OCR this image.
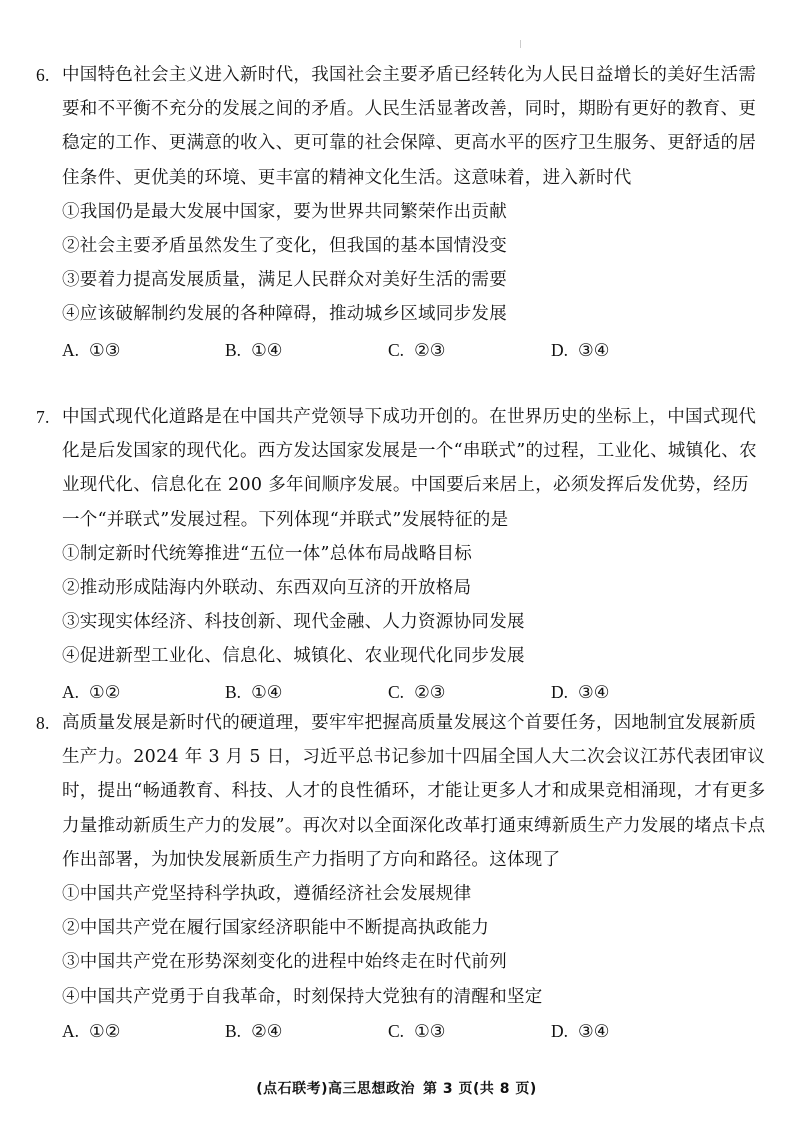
6. 中国特色社会主义进入新时代，我国社会主要矛盾已经转化为人民日益增长的美好生活需要和不平衡不充分的发展之间的矛盾。人民生活显著改善，同时，期盼有更好的教育、更稳定的工作、更满意的收入、更可靠的社会保障、更高水平的医疗卫生服务、更舒适的居住条件、更优美的环境、更丰富的精神文化生活。这意味着，进入新时代
①我国仍是最大发展中国家，要为世界共同繁荣作出贡献
②社会主要矛盾虽然发生了变化，但我国的基本国情没变
③要着力提高发展质量，满足人民群众对美好生活的需要
④应该破解制约发展的各种障碍，推动城乡区域同步发展
A. ①③	B. ①④	C. ②③	D. ③④
7. 中国式现代化道路是在中国共产党领导下成功开创的。在世界历史的坐标上，中国式现代化是后发国家的现代化。西方发达国家发展是一个“串联式”的过程，工业化、城镇化、农业现代化、信息化在 200 多年间顺序发展。中国要后来居上，必须发挥后发优势，经历一个“并联式”发展过程。下列体现“并联式”发展特征的是
①制定新时代统筹推进“五位一体”总体布局战略目标
②推动形成陆海内外联动、东西双向互济的开放格局
③实现实体经济、科技创新、现代金融、人力资源协同发展
④促进新型工业化、信息化、城镇化、农业现代化同步发展
A. ①②	B. ①④	C. ②③	D. ③④
8. 高质量发展是新时代的硬道理，要牢牢把握高质量发展这个首要任务，因地制宜发展新质生产力。2024 年 3 月 5 日，习近平总书记参加十四届全国人大二次会议江苏代表团审议时，提出“畅通教育、科技、人才的良性循环，才能让更多人才和成果竞相涌现，才有更多力量推动新质生产力的发展”。再次对以全面深化改革打通束缚新质生产力发展的堵点卡点作出部署，为加快发展新质生产力指明了方向和路径。这体现了
①中国共产党坚持科学执政，遵循经济社会发展规律
②中国共产党在履行国家经济职能中不断提高执政能力
③中国共产党在形势深刻变化的进程中始终走在时代前列
④中国共产党勇于自我革命，时刻保持大党独有的清醒和坚定
A. ①②	B. ②④	C. ①③	D. ③④
(点石联考)高三思想政治 第 3 页(共 8 页)
